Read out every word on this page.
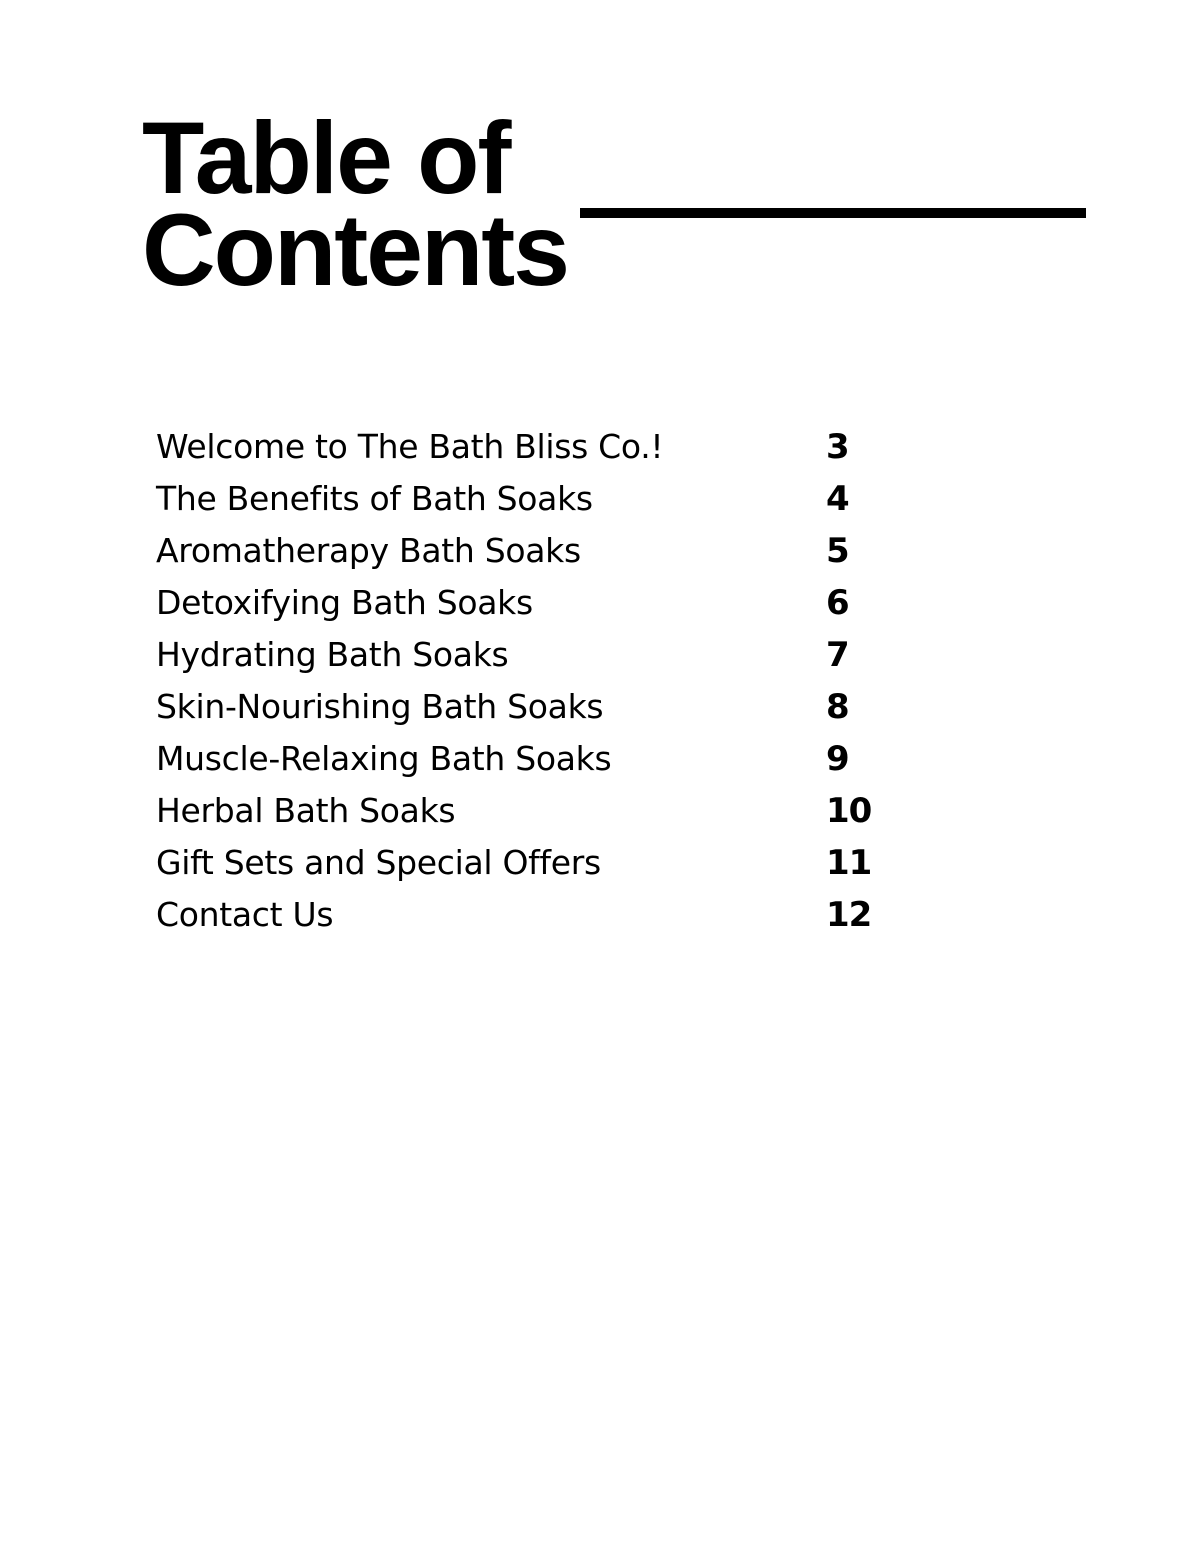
Table of
Contents
Welcome to The Bath Bliss Co.!	3
The Benefits of Bath Soaks	4
Aromatherapy Bath Soaks	5
Detoxifying Bath Soaks	6
Hydrating Bath Soaks	7
Skin-Nourishing Bath Soaks	8
Muscle-Relaxing Bath Soaks	9
Herbal Bath Soaks	10
Gift Sets and Special Offers	11
Contact Us	12
